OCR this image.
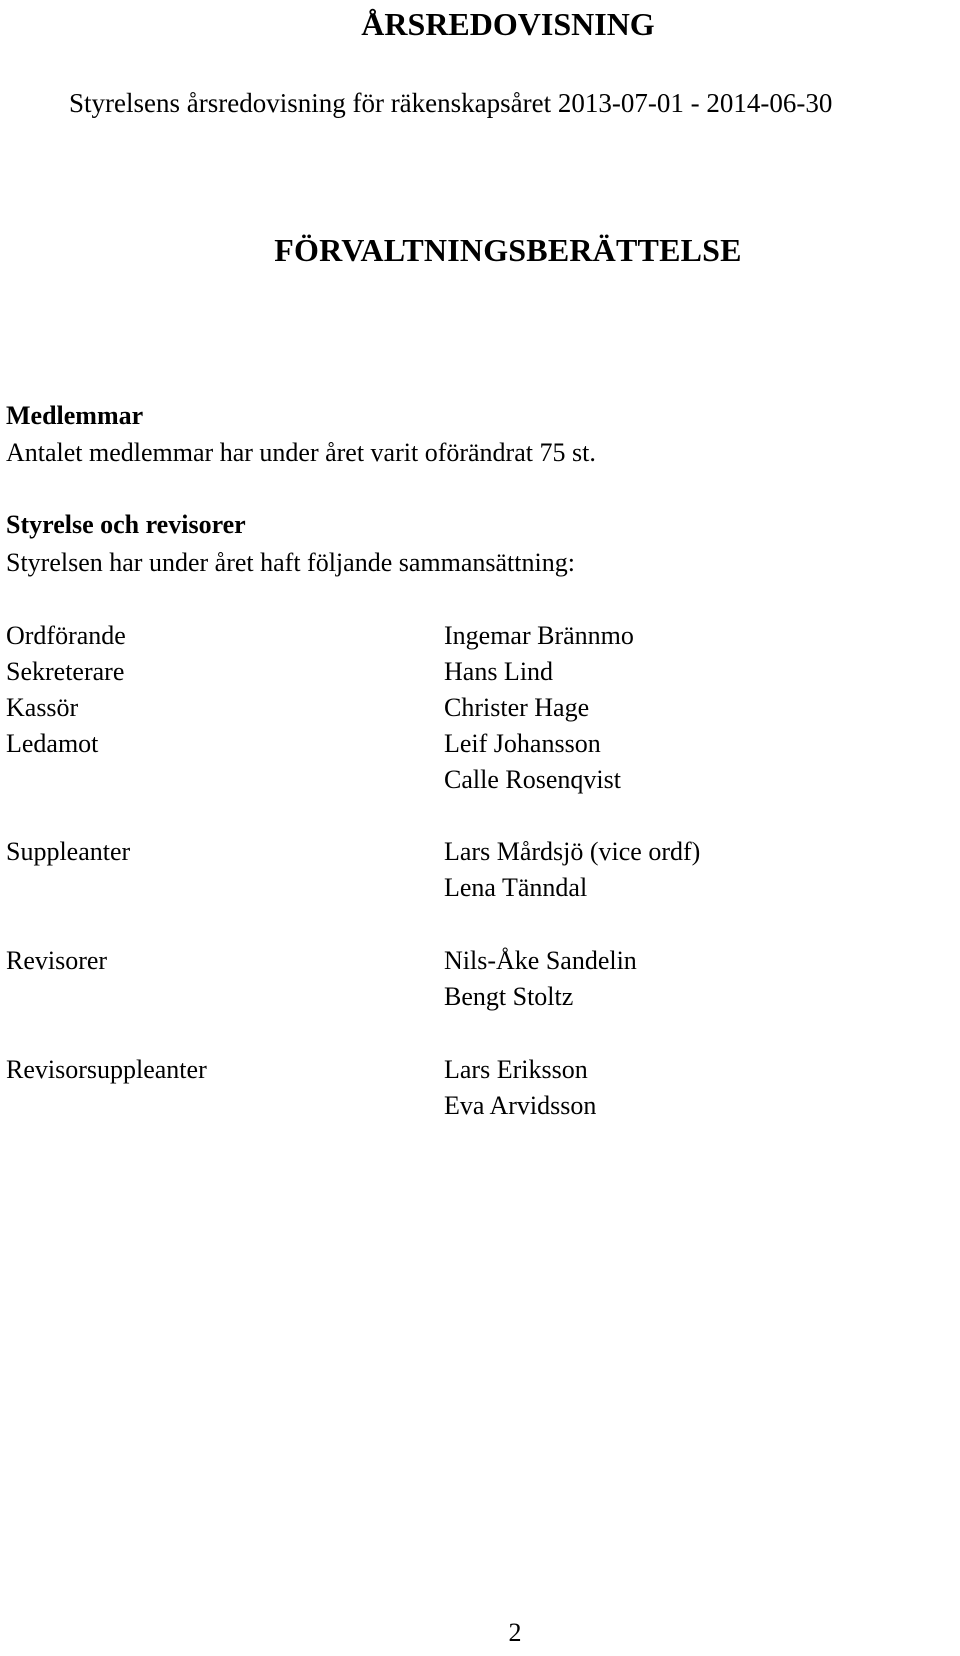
ÅRSREDOVISNING
Styrelsens årsredovisning för räkenskapsåret 2013-07-01 - 2014-06-30
FÖRVALTNINGSBERÄTTELSE
Medlemmar
Antalet medlemmar har under året varit oförändrat 75 st.
Styrelse och revisorer
Styrelsen har under året haft följande sammansättning:
Ordförande	Ingemar Brännmo
Sekreterare	Hans Lind
Kassör	Christer Hage
Ledamot	Leif Johansson
Calle Rosenqvist
Suppleanter	Lars Mårdsjö (vice ordf)
Lena Tänndal
Revisorer	Nils-Åke Sandelin
Bengt Stoltz
Revisorsuppleanter	Lars Eriksson
Eva Arvidsson
2
